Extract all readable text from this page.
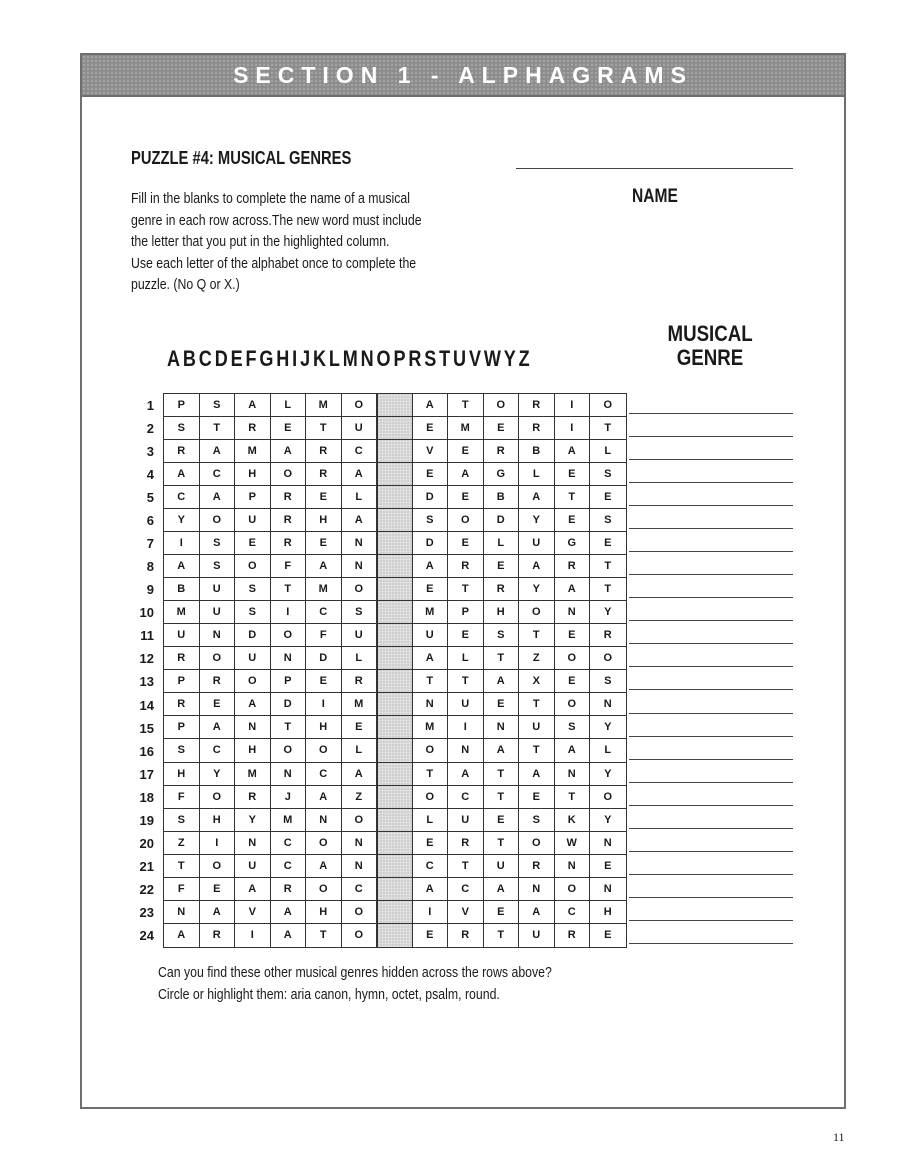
SECTION 1 - ALPHAGRAMS
PUZZLE #4: MUSICAL GENRES
NAME
Fill in the blanks to complete the name of a musical
genre in each row across.The new word must include
the letter that you put in the highlighted column.
Use each letter of the alphabet once to complete the
puzzle. (No Q or X.)
ABCDEFGHIJKLMNOPRSTUVWYZ
MUSICAL
GENRE
P	S	A	L	M	O	A	T	O	R	I	O
S	T	R	E	T	U	E	M	E	R	I	T
R	A	M	A	R	C	V	E	R	B	A	L
A	C	H	O	R	A	E	A	G	L	E	S
C	A	P	R	E	L	D	E	B	A	T	E
Y	O	U	R	H	A	S	O	D	Y	E	S
I	S	E	R	E	N	D	E	L	U	G	E
A	S	O	F	A	N	A	R	E	A	R	T
B	U	S	T	M	O	E	T	R	Y	A	T
M	U	S	I	C	S	M	P	H	O	N	Y
U	N	D	O	F	U	U	E	S	T	E	R
R	O	U	N	D	L	A	L	T	Z	O	O
P	R	O	P	E	R	T	T	A	X	E	S
R	E	A	D	I	M	N	U	E	T	O	N
P	A	N	T	H	E	M	I	N	U	S	Y
S	C	H	O	O	L	O	N	A	T	A	L
H	Y	M	N	C	A	T	A	T	A	N	Y
F	O	R	J	A	Z	O	C	T	E	T	O
S	H	Y	M	N	O	L	U	E	S	K	Y
Z	I	N	C	O	N	E	R	T	O	W	N
T	O	U	C	A	N	C	T	U	R	N	E
F	E	A	R	O	C	A	C	A	N	O	N
N	A	V	A	H	O	I	V	E	A	C	H
A	R	I	A	T	O	E	R	T	U	R	E
1
2
3
4
5
6
7
8
9
10
11
12
13
14
15
16
17
18
19
20
21
22
23
24
Can you find these other musical genres hidden across the rows above?
Circle or highlight them: aria canon, hymn, octet, psalm, round.
11
